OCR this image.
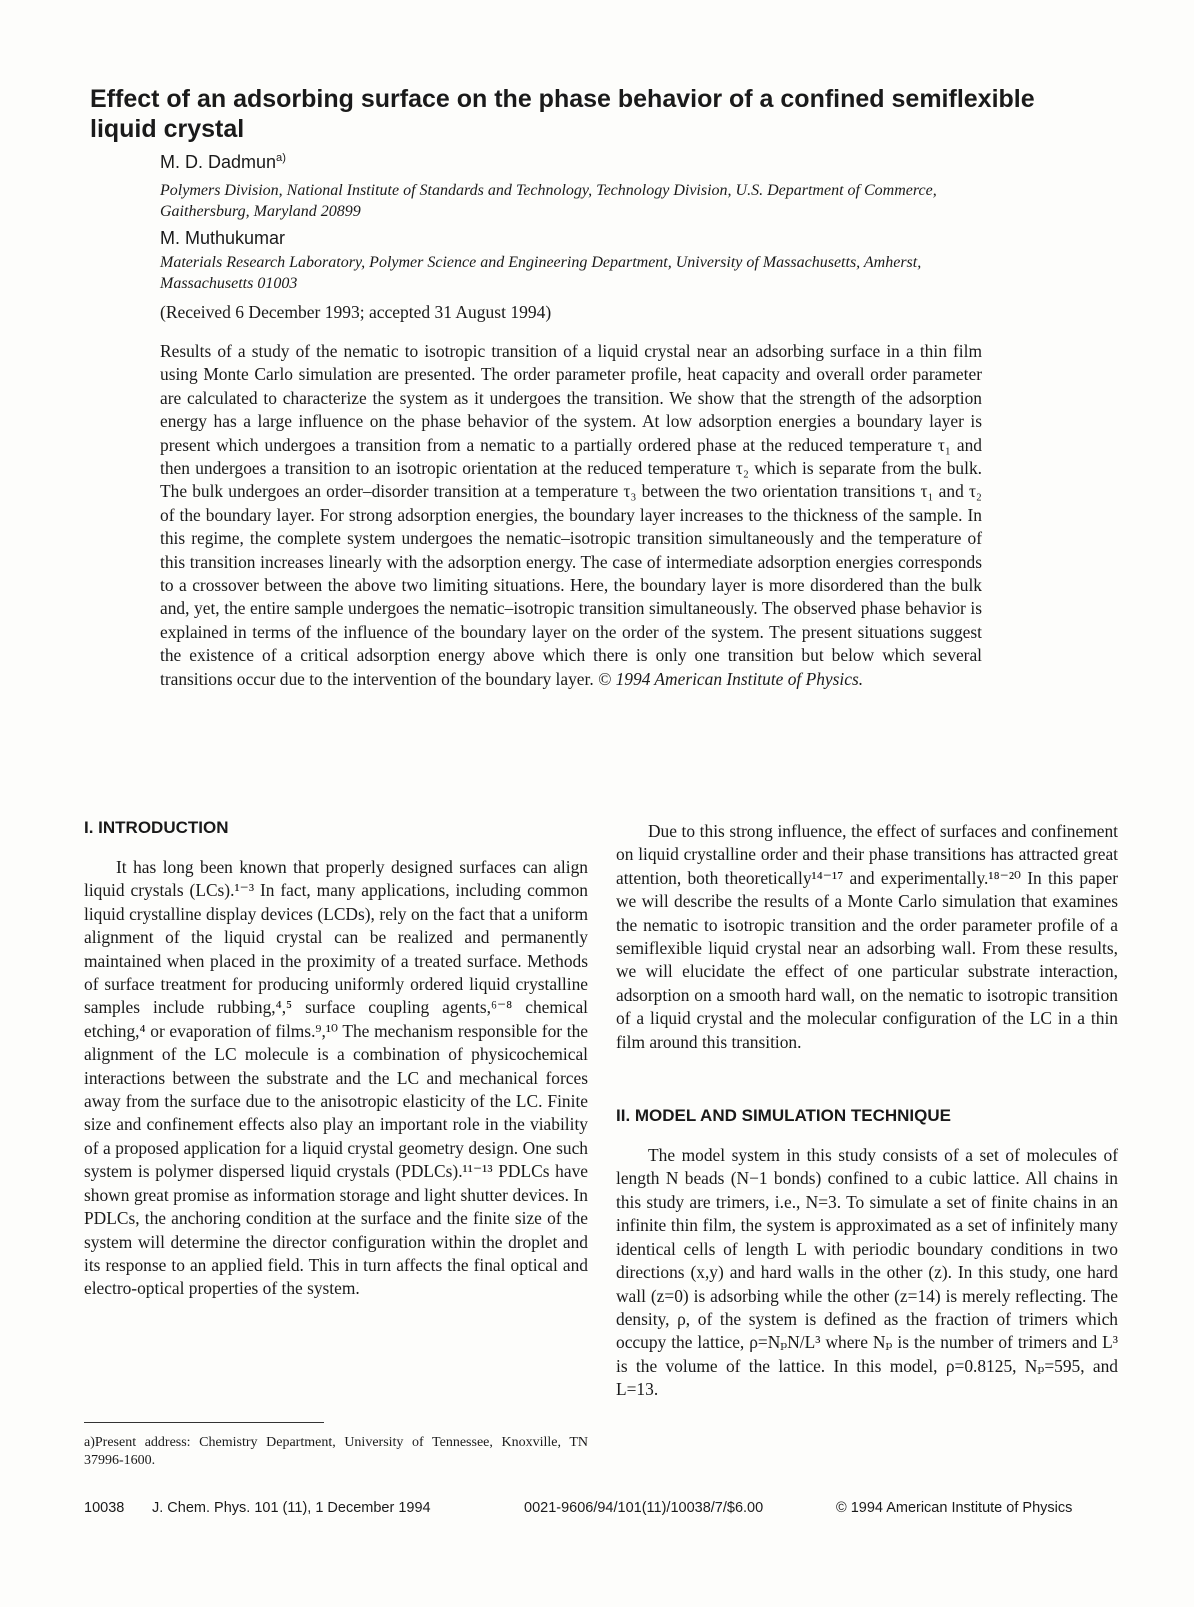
Effect of an adsorbing surface on the phase behavior of a confined semiflexible liquid crystal

M. D. Dadmun$^{a)}$

Polymers Division, National Institute of Standards and Technology, Technology Division, U.S. Department of Commerce, Gaithersburg, Maryland 20899

M. Muthukumar

Materials Research Laboratory, Polymer Science and Engineering Department, University of Massachusetts, Amherst, Massachusetts 01003

(Received 6 December 1993; accepted 31 August 1994)

Results of a study of the nematic to isotropic transition of a liquid crystal near an adsorbing surface in a thin film using Monte Carlo simulation are presented. The order parameter profile, heat capacity and overall order parameter are calculated to characterize the system as it undergoes the transition. We show that the strength of the adsorption energy has a large influence on the phase behavior of the system. At low adsorption energies a boundary layer is present which undergoes a transition from a nematic to a partially ordered phase at the reduced temperature τ₁ and then undergoes a transition to an isotropic orientation at the reduced temperature τ₂ which is separate from the bulk. The bulk undergoes an order–disorder transition at a temperature τ₃ between the two orientation transitions τ₁ and τ₂ of the boundary layer. For strong adsorption energies, the boundary layer increases to the thickness of the sample. In this regime, the complete system undergoes the nematic–isotropic transition simultaneously and the temperature of this transition increases linearly with the adsorption energy. The case of intermediate adsorption energies corresponds to a crossover between the above two limiting situations. Here, the boundary layer is more disordered than the bulk and, yet, the entire sample undergoes the nematic–isotropic transition simultaneously. The observed phase behavior is explained in terms of the influence of the boundary layer on the order of the system. The present situations suggest the existence of a critical adsorption energy above which there is only one transition but below which several transitions occur due to the intervention of the boundary layer. © 1994 American Institute of Physics.

I. INTRODUCTION

It has long been known that properly designed surfaces can align liquid crystals (LCs).¹⁻³ In fact, many applications, including common liquid crystalline display devices (LCDs), rely on the fact that a uniform alignment of the liquid crystal can be realized and permanently maintained when placed in the proximity of a treated surface. Methods of surface treatment for producing uniformly ordered liquid crystalline samples include rubbing,⁴,⁵ surface coupling agents,⁶⁻⁸ chemical etching,⁴ or evaporation of films.⁹,¹⁰ The mechanism responsible for the alignment of the LC molecule is a combination of physicochemical interactions between the substrate and the LC and mechanical forces away from the surface due to the anisotropic elasticity of the LC. Finite size and confinement effects also play an important role in the viability of a proposed application for a liquid crystal geometry design. One such system is polymer dispersed liquid crystals (PDLCs).¹¹⁻¹³ PDLCs have shown great promise as information storage and light shutter devices. In PDLCs, the anchoring condition at the surface and the finite size of the system will determine the director configuration within the droplet and its response to an applied field. This in turn affects the final optical and electro-optical properties of the system.

a)Present address: Chemistry Department, University of Tennessee, Knoxville, TN 37996-1600.

Due to this strong influence, the effect of surfaces and confinement on liquid crystalline order and their phase transitions has attracted great attention, both theoretically¹⁴⁻¹⁷ and experimentally.¹⁸⁻²⁰ In this paper we will describe the results of a Monte Carlo simulation that examines the nematic to isotropic transition and the order parameter profile of a semiflexible liquid crystal near an adsorbing wall. From these results, we will elucidate the effect of one particular substrate interaction, adsorption on a smooth hard wall, on the nematic to isotropic transition of a liquid crystal and the molecular configuration of the LC in a thin film around this transition.

II. MODEL AND SIMULATION TECHNIQUE

The model system in this study consists of a set of molecules of length N beads (N−1 bonds) confined to a cubic lattice. All chains in this study are trimers, i.e., N=3. To simulate a set of finite chains in an infinite thin film, the system is approximated as a set of infinitely many identical cells of length L with periodic boundary conditions in two directions (x,y) and hard walls in the other (z). In this study, one hard wall (z=0) is adsorbing while the other (z=14) is merely reflecting. The density, ρ, of the system is defined as the fraction of trimers which occupy the lattice, ρ=NₚN/L³ where Nₚ is the number of trimers and L³ is the volume of the lattice. In this model, ρ=0.8125, Nₚ=595, and L=13.

10038 J. Chem. Phys. 101 (11), 1 December 1994	0021-9606/94/101(11)/10038/7/$6.00	© 1994 American Institute of Physics
